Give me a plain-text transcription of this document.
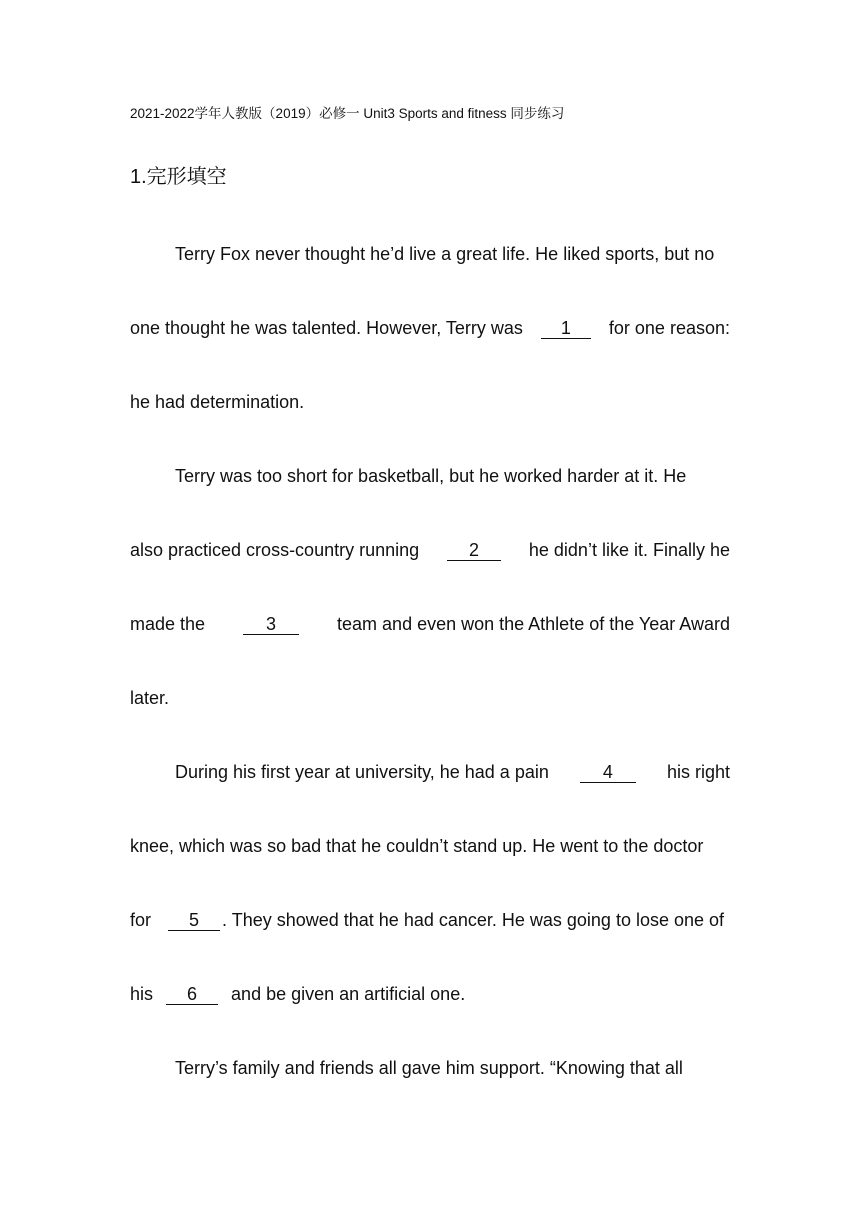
2021-2022学年人教版（2019）必修一 Unit3 Sports and fitness 同步练习
1.完形填空
Terry Fox never thought he’d live a great life. He liked sports, but no
one thought he was talented. However, Terry was	1	for one reason:
he had determination.
Terry was too short for basketball, but he worked harder at it. He
also practiced cross-country running	2	he didn’t like it. Finally he
made the	3	team and even won the Athlete of the Year Award
later.
During his first year at university, he had a pain	4	his right
knee, which was so bad that he couldn’t stand up. He went to the doctor
for 5 . They showed that he had cancer. He was going to lose one of
his 6 and be given an artificial one.
Terry’s family and friends all gave him support. “Knowing that all
